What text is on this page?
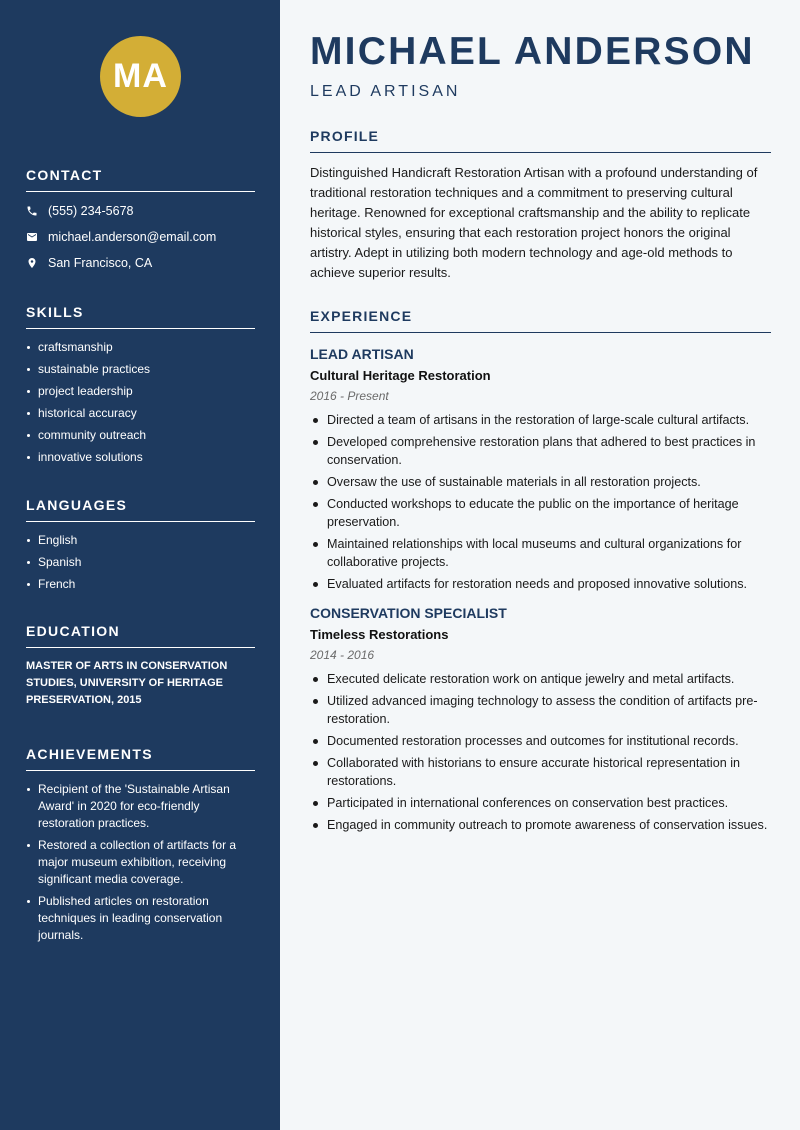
MA
CONTACT
(555) 234-5678
michael.anderson@email.com
San Francisco, CA
SKILLS
craftsmanship
sustainable practices
project leadership
historical accuracy
community outreach
innovative solutions
LANGUAGES
English
Spanish
French
EDUCATION

MASTER OF ARTS IN CONSERVATION STUDIES, UNIVERSITY OF HERITAGE PRESERVATION, 2015

ACHIEVEMENTS
Recipient of the 'Sustainable Artisan Award' in 2020 for eco-friendly restoration practices.
Restored a collection of artifacts for a major museum exhibition, receiving significant media coverage.
Published articles on restoration techniques in leading conservation journals.
MICHAEL ANDERSON
LEAD ARTISAN
PROFILE

Distinguished Handicraft Restoration Artisan with a profound understanding of traditional restoration techniques and a commitment to preserving cultural heritage. Renowned for exceptional craftsmanship and the ability to replicate historical styles, ensuring that each restoration project honors the original artistry. Adept in utilizing both modern technology and age-old methods to achieve superior results.

EXPERIENCE
LEAD ARTISAN
Cultural Heritage Restoration
2016 - Present
Directed a team of artisans in the restoration of large-scale cultural artifacts.
Developed comprehensive restoration plans that adhered to best practices in conservation.
Oversaw the use of sustainable materials in all restoration projects.
Conducted workshops to educate the public on the importance of heritage preservation.
Maintained relationships with local museums and cultural organizations for collaborative projects.
Evaluated artifacts for restoration needs and proposed innovative solutions.
CONSERVATION SPECIALIST
Timeless Restorations
2014 - 2016
Executed delicate restoration work on antique jewelry and metal artifacts.
Utilized advanced imaging technology to assess the condition of artifacts pre-restoration.
Documented restoration processes and outcomes for institutional records.
Collaborated with historians to ensure accurate historical representation in restorations.
Participated in international conferences on conservation best practices.
Engaged in community outreach to promote awareness of conservation issues.
